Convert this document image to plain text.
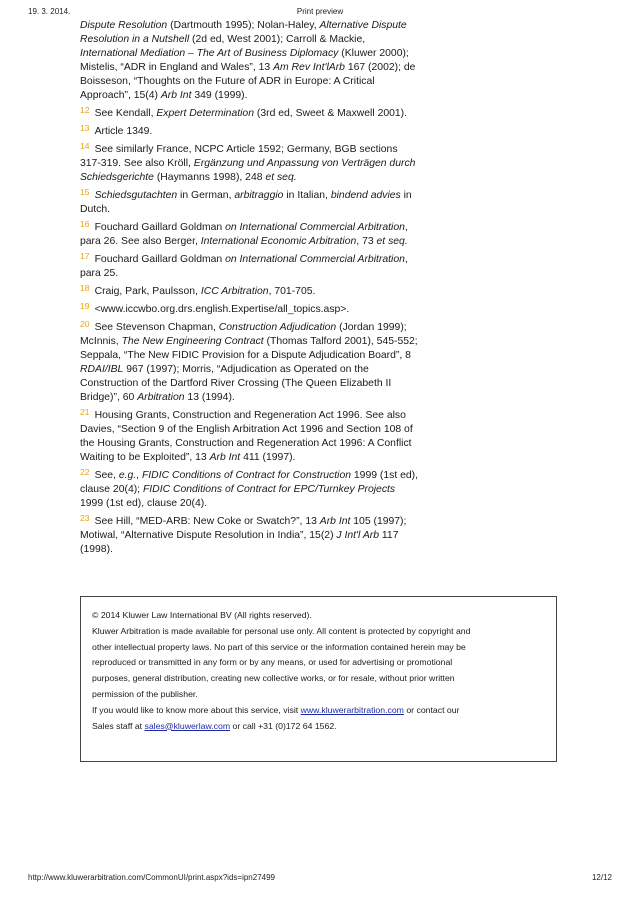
19. 3. 2014.	Print preview

Dispute Resolution (Dartmouth 1995); Nolan-Haley, Alternative Dispute Resolution in a Nutshell (2d ed, West 2001); Carroll & Mackie, International Mediation – The Art of Business Diplomacy (Kluwer 2000); Mistelis, “ADR in England and Wales”, 13 Am Rev Int'lArb 167 (2002); de Boisseson, “Thoughts on the Future of ADR in Europe: A Critical Approach”, 15(4) Arb Int 349 (1999).

$^{12}$ See Kendall, Expert Determination (3rd ed, Sweet & Maxwell 2001).

$^{13}$ Article 1349.

$^{14}$ See similarly France, NCPC Article 1592; Germany, BGB sections 317-319. See also Kröll, Ergänzung und Anpassung von Verträgen durch Schiedsgerichte (Haymanns 1998), 248 et seq.

$^{15}$ Schiedsgutachten in German, arbitraggio in Italian, bindend advies in Dutch.

$^{16}$ Fouchard Gaillard Goldman on International Commercial Arbitration, para 26. See also Berger, International Economic Arbitration, 73 et seq.

$^{17}$ Fouchard Gaillard Goldman on International Commercial Arbitration, para 25.

$^{18}$ Craig, Park, Paulsson, ICC Arbitration, 701-705.

$^{19}$ <www.iccwbo.org.drs.english.Expertise/all_topics.asp>.

$^{20}$ See Stevenson Chapman, Construction Adjudication (Jordan 1999); McInnis, The New Engineering Contract (Thomas Talford 2001), 545-552; Seppala, “The New FIDIC Provision for a Dispute Adjudication Board”, 8 RDAI/IBL 967 (1997); Morris, “Adjudication as Operated on the Construction of the Dartford River Crossing (The Queen Elizabeth II Bridge)”, 60 Arbitration 13 (1994).

$^{21}$ Housing Grants, Construction and Regeneration Act 1996. See also Davies, “Section 9 of the English Arbitration Act 1996 and Section 108 of the Housing Grants, Construction and Regeneration Act 1996: A Conflict Waiting to be Exploited”, 13 Arb Int 411 (1997).

$^{22}$ See, e.g., FIDIC Conditions of Contract for Construction 1999 (1st ed), clause 20(4); FIDIC Conditions of Contract for EPC/Turnkey Projects 1999 (1st ed), clause 20(4).

$^{23}$ See Hill, “MED-ARB: New Coke or Swatch?”, 13 Arb Int 105 (1997); Motiwal, “Alternative Dispute Resolution in India”, 15(2) J Int'l Arb 117 (1998).

© 2014 Kluwer Law International BV (All rights reserved).
Kluwer Arbitration is made available for personal use only. All content is protected by copyright and
other intellectual property laws. No part of this service or the information contained herein may be
reproduced or transmitted in any form or by any means, or used for advertising or promotional
purposes, general distribution, creating new collective works, or for resale, without prior written
permission of the publisher.
If you would like to know more about this service, visit www.kluwerarbitration.com or contact our
Sales staff at sales@kluwerlaw.com or call +31 (0)172 64 1562.
http://www.kluwerarbitration.com/CommonUI/print.aspx?ids=ipn27499	12/12
